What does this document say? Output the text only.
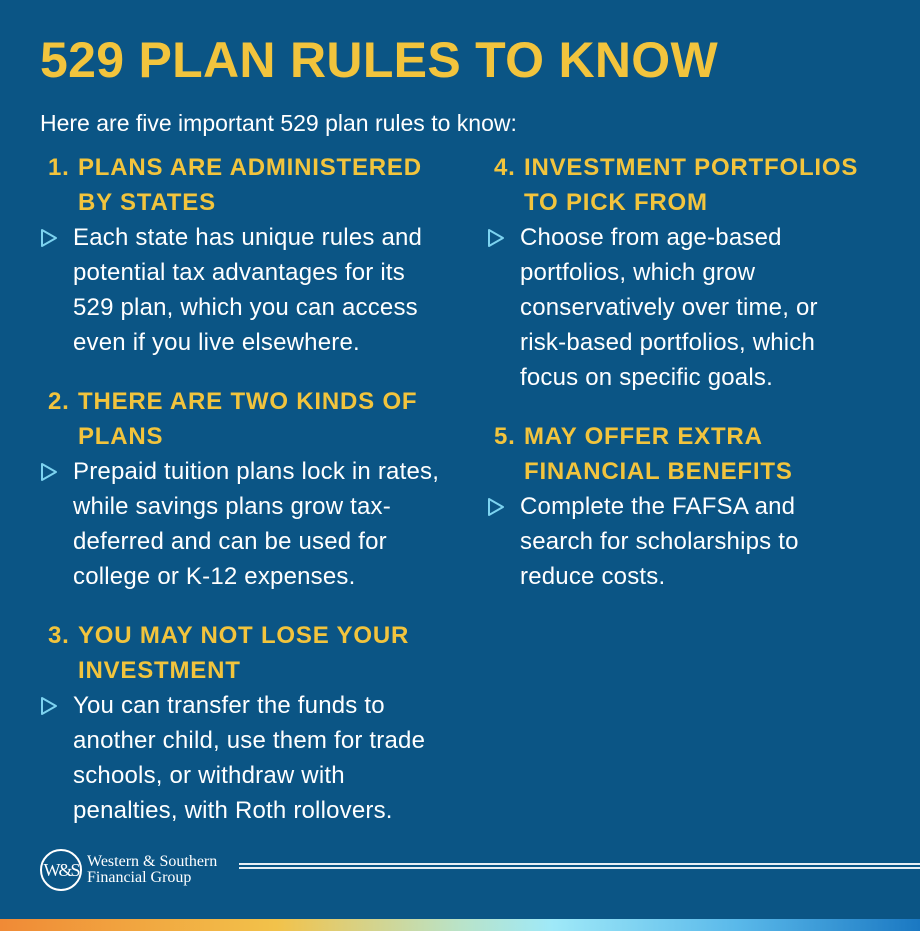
529 PLAN RULES TO KNOW

Here are five important 529 plan rules to know:

1. PLANS ARE ADMINISTERED BY STATES

Each state has unique rules and potential tax advantages for its 529 plan, which you can access even if you live elsewhere.

2. THERE ARE TWO KINDS OF PLANS

Prepaid tuition plans lock in rates, while savings plans grow tax-deferred and can be used for college or K-12 expenses.

3. YOU MAY NOT LOSE YOUR INVESTMENT

You can transfer the funds to another child, use them for trade schools, or withdraw with penalties, with Roth rollovers.

4. INVESTMENT PORTFOLIOS TO PICK FROM

Choose from age-based portfolios, which grow conservatively over time, or risk-based portfolios, which focus on specific goals.

5. MAY OFFER EXTRA FINANCIAL BENEFITS

Complete the FAFSA and search for scholarships to reduce costs.

W&S Western & Southern
Financial Group
